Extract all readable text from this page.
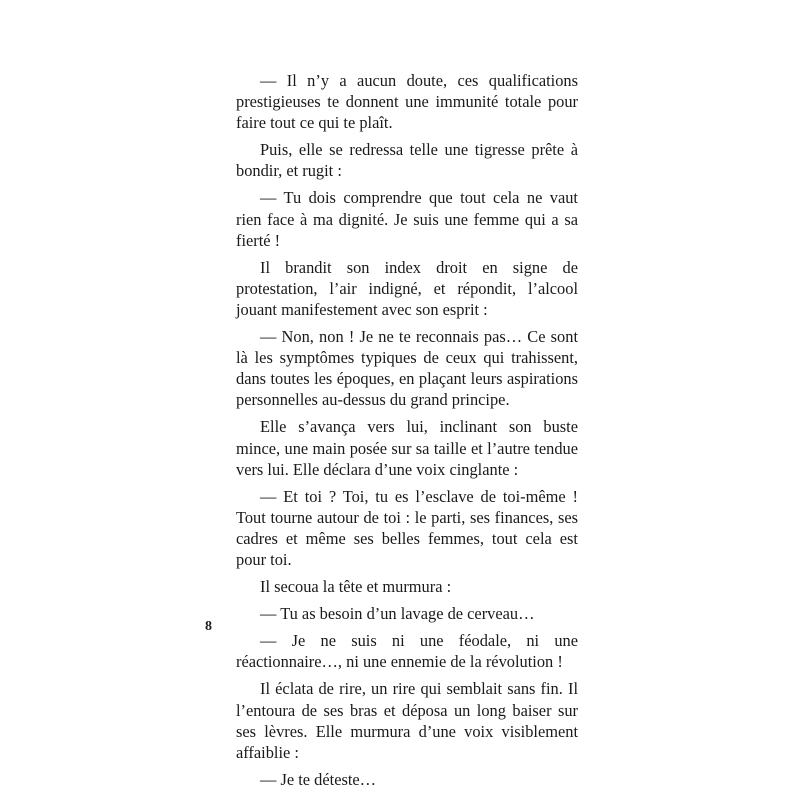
— Il n’y a aucun doute, ces qualifications prestigieuses te donnent une immunité totale pour faire tout ce qui te plaît.

Puis, elle se redressa telle une tigresse prête à bondir, et rugit :

— Tu dois comprendre que tout cela ne vaut rien face à ma dignité. Je suis une femme qui a sa fierté !

Il brandit son index droit en signe de protestation, l’air indigné, et répondit, l’alcool jouant manifestement avec son esprit :

— Non, non ! Je ne te reconnais pas… Ce sont là les symptômes typiques de ceux qui trahissent, dans toutes les époques, en plaçant leurs aspirations personnelles au-dessus du grand principe.

Elle s’avança vers lui, inclinant son buste mince, une main posée sur sa taille et l’autre tendue vers lui. Elle déclara d’une voix cinglante :

— Et toi ? Toi, tu es l’esclave de toi-même ! Tout tourne autour de toi : le parti, ses finances, ses cadres et même ses belles femmes, tout cela est pour toi.

Il secoua la tête et murmura :

— Tu as besoin d’un lavage de cerveau…

— Je ne suis ni une féodale, ni une réactionnaire…, ni une ennemie de la révolution !

Il éclata de rire, un rire qui semblait sans fin. Il l’entoura de ses bras et déposa un long baiser sur ses lèvres. Elle murmura d’une voix visiblement affaiblie :

— Je te déteste…

8
